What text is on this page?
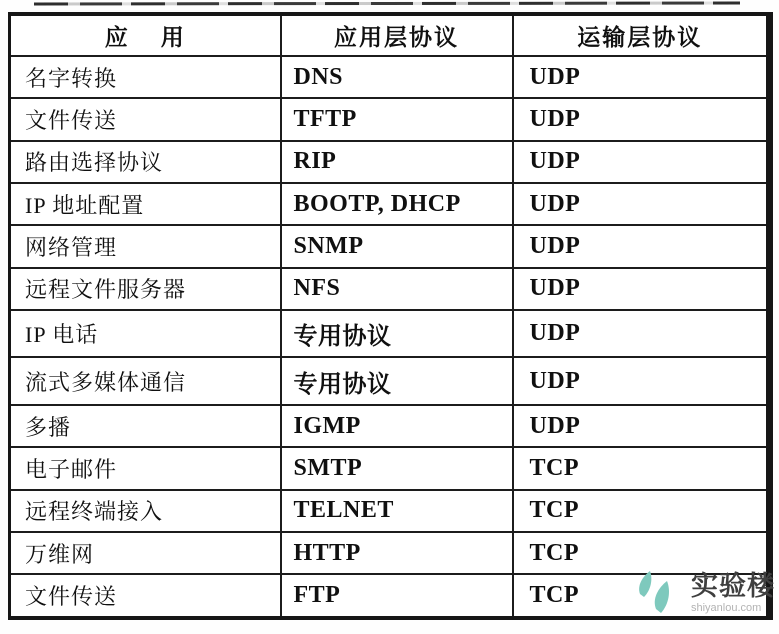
应    用	应用层协议	运输层协议
名字转换	DNS	UDP
文件传送	TFTP	UDP
路由选择协议	RIP	UDP
IP 地址配置	BOOTP, DHCP	UDP
网络管理	SNMP	UDP
远程文件服务器	NFS	UDP
IP 电话	专用协议	UDP
流式多媒体通信	专用协议	UDP
多播	IGMP	UDP
电子邮件	SMTP	TCP
远程终端接入	TELNET	TCP
万维网	HTTP	TCP
文件传送	FTP	TCP	实验楼
shiyanlou.com
